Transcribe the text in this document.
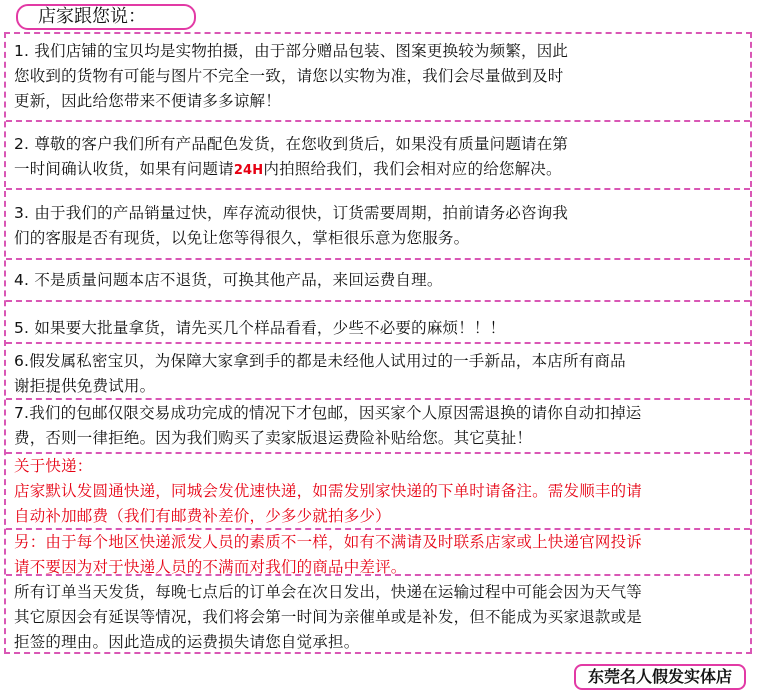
店家跟您说：

1. 我们店铺的宝贝均是实物拍摄，由于部分赠品包装、图案更换较为频繁，因此

您收到的货物有可能与图片不完全一致，请您以实物为准，我们会尽量做到及时

更新，因此给您带来不便请多多谅解！

2. 尊敬的客户我们所有产品配色发货，在您收到货后，如果没有质量问题请在第

一时间确认收货，如果有问题请24H内拍照给我们，我们会相对应的给您解决。

3. 由于我们的产品销量过快，库存流动很快，订货需要周期，拍前请务必咨询我

们的客服是否有现货，以免让您等得很久，掌柜很乐意为您服务。

4. 不是质量问题本店不退货，可换其他产品，来回运费自理。

5. 如果要大批量拿货，请先买几个样品看看，少些不必要的麻烦！！！

6.假发属私密宝贝，为保障大家拿到手的都是未经他人试用过的一手新品，本店所有商品

谢拒提供免费试用。

7.我们的包邮仅限交易成功完成的情况下才包邮，因买家个人原因需退换的请你自动扣掉运

费，否则一律拒绝。因为我们购买了卖家版退运费险补贴给您。其它莫扯！

关于快递：

店家默认发圆通快递，同城会发优速快递，如需发别家快递的下单时请备注。需发顺丰的请

自动补加邮费（我们有邮费补差价，少多少就拍多少）

另：由于每个地区快递派发人员的素质不一样，如有不满请及时联系店家或上快递官网投诉

请不要因为对于快递人员的不满而对我们的商品中差评。

所有订单当天发货，每晚七点后的订单会在次日发出，快递在运输过程中可能会因为天气等

其它原因会有延误等情况，我们将会第一时间为亲催单或是补发，但不能成为买家退款或是

拒签的理由。因此造成的运费损失请您自觉承担。

东莞名人假发实体店
